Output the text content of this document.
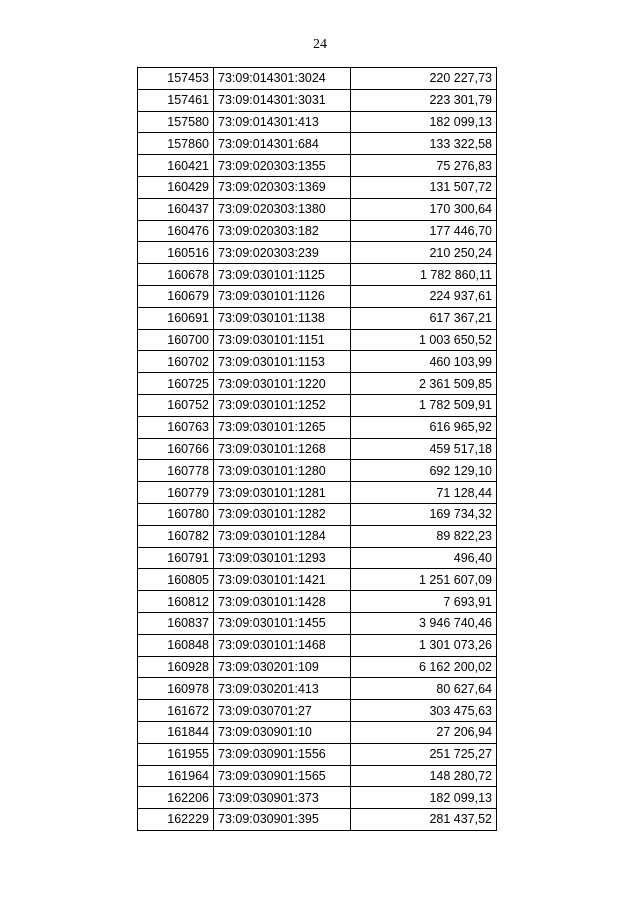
24
157453	73:09:014301:3024	220 227,73
157461	73:09:014301:3031	223 301,79
157580	73:09:014301:413	182 099,13
157860	73:09:014301:684	133 322,58
160421	73:09:020303:1355	75 276,83
160429	73:09:020303:1369	131 507,72
160437	73:09:020303:1380	170 300,64
160476	73:09:020303:182	177 446,70
160516	73:09:020303:239	210 250,24
160678	73:09:030101:1125	1 782 860,11
160679	73:09:030101:1126	224 937,61
160691	73:09:030101:1138	617 367,21
160700	73:09:030101:1151	1 003 650,52
160702	73:09:030101:1153	460 103,99
160725	73:09:030101:1220	2 361 509,85
160752	73:09:030101:1252	1 782 509,91
160763	73:09:030101:1265	616 965,92
160766	73:09:030101:1268	459 517,18
160778	73:09:030101:1280	692 129,10
160779	73:09:030101:1281	71 128,44
160780	73:09:030101:1282	169 734,32
160782	73:09:030101:1284	89 822,23
160791	73:09:030101:1293	496,40
160805	73:09:030101:1421	1 251 607,09
160812	73:09:030101:1428	7 693,91
160837	73:09:030101:1455	3 946 740,46
160848	73:09:030101:1468	1 301 073,26
160928	73:09:030201:109	6 162 200,02
160978	73:09:030201:413	80 627,64
161672	73:09:030701:27	303 475,63
161844	73:09:030901:10	27 206,94
161955	73:09:030901:1556	251 725,27
161964	73:09:030901:1565	148 280,72
162206	73:09:030901:373	182 099,13
162229	73:09:030901:395	281 437,52
